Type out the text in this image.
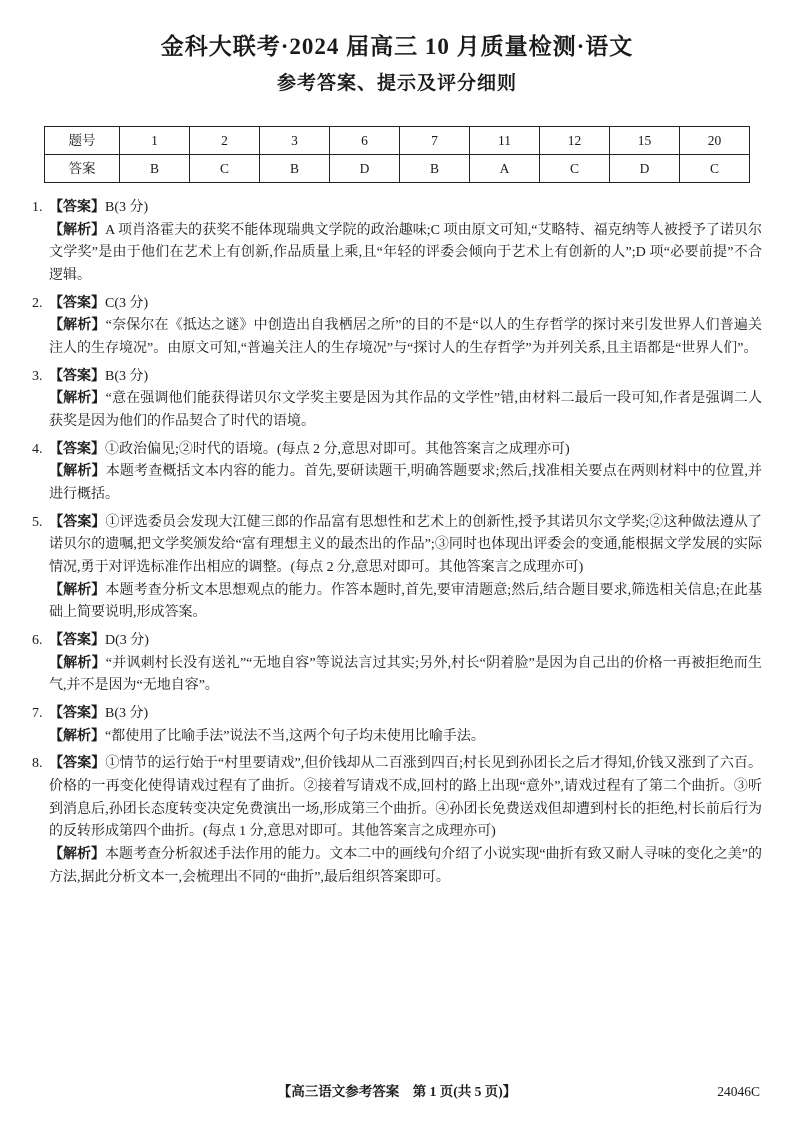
金科大联考·2024 届高三 10 月质量检测·语文
参考答案、提示及评分细则
题号	1	2	3	6	7	11	12	15	20
答案	B	C	B	D	B	A	C	D	C

1. 【答案】B(3 分)

【解析】A 项肖洛霍夫的获奖不能体现瑞典文学院的政治趣味;C 项由原文可知,“艾略特、福克纳等人被授予了诺贝尔文学奖”是由于他们在艺术上有创新,作品质量上乘,且“年轻的评委会倾向于艺术上有创新的人”;D 项“必要前提”不合逻辑。

2. 【答案】C(3 分)

【解析】“奈保尔在《抵达之谜》中创造出自我栖居之所”的目的不是“以人的生存哲学的探讨来引发世界人们普遍关注人的生存境况”。由原文可知,“普遍关注人的生存境况”与“探讨人的生存哲学”为并列关系,且主语都是“世界人们”。

3. 【答案】B(3 分)

【解析】“意在强调他们能获得诺贝尔文学奖主要是因为其作品的文学性”错,由材料二最后一段可知,作者是强调二人获奖是因为他们的作品契合了时代的语境。

4. 【答案】①政治偏见;②时代的语境。(每点 2 分,意思对即可。其他答案言之成理亦可)

【解析】本题考查概括文本内容的能力。首先,要研读题干,明确答题要求;然后,找准相关要点在两则材料中的位置,并进行概括。

5. 【答案】①评选委员会发现大江健三郎的作品富有思想性和艺术上的创新性,授予其诺贝尔文学奖;②这种做法遵从了诺贝尔的遗嘱,把文学奖颁发给“富有理想主义的最杰出的作品”;③同时也体现出评委会的变通,能根据文学发展的实际情况,勇于对评选标准作出相应的调整。(每点 2 分,意思对即可。其他答案言之成理亦可)

【解析】本题考查分析文本思想观点的能力。作答本题时,首先,要审清题意;然后,结合题目要求,筛选相关信息;在此基础上简要说明,形成答案。

6. 【答案】D(3 分)

【解析】“并讽刺村长没有送礼”“无地自容”等说法言过其实;另外,村长“阴着脸”是因为自己出的价格一再被拒绝而生气,并不是因为“无地自容”。

7. 【答案】B(3 分)

【解析】“都使用了比喻手法”说法不当,这两个句子均未使用比喻手法。

8. 【答案】①情节的运行始于“村里要请戏”,但价钱却从二百涨到四百;村长见到孙团长之后才得知,价钱又涨到了六百。价格的一再变化使得请戏过程有了曲折。②接着写请戏不成,回村的路上出现“意外”,请戏过程有了第二个曲折。③听到消息后,孙团长态度转变决定免费演出一场,形成第三个曲折。④孙团长免费送戏但却遭到村长的拒绝,村长前后行为的反转形成第四个曲折。(每点 1 分,意思对即可。其他答案言之成理亦可)

【解析】本题考查分析叙述手法作用的能力。文本二中的画线句介绍了小说实现“曲折有致又耐人寻味的变化之美”的方法,据此分析文本一,会梳理出不同的“曲折”,最后组织答案即可。

【高三语文参考答案　第 1 页(共 5 页)】	24046C
